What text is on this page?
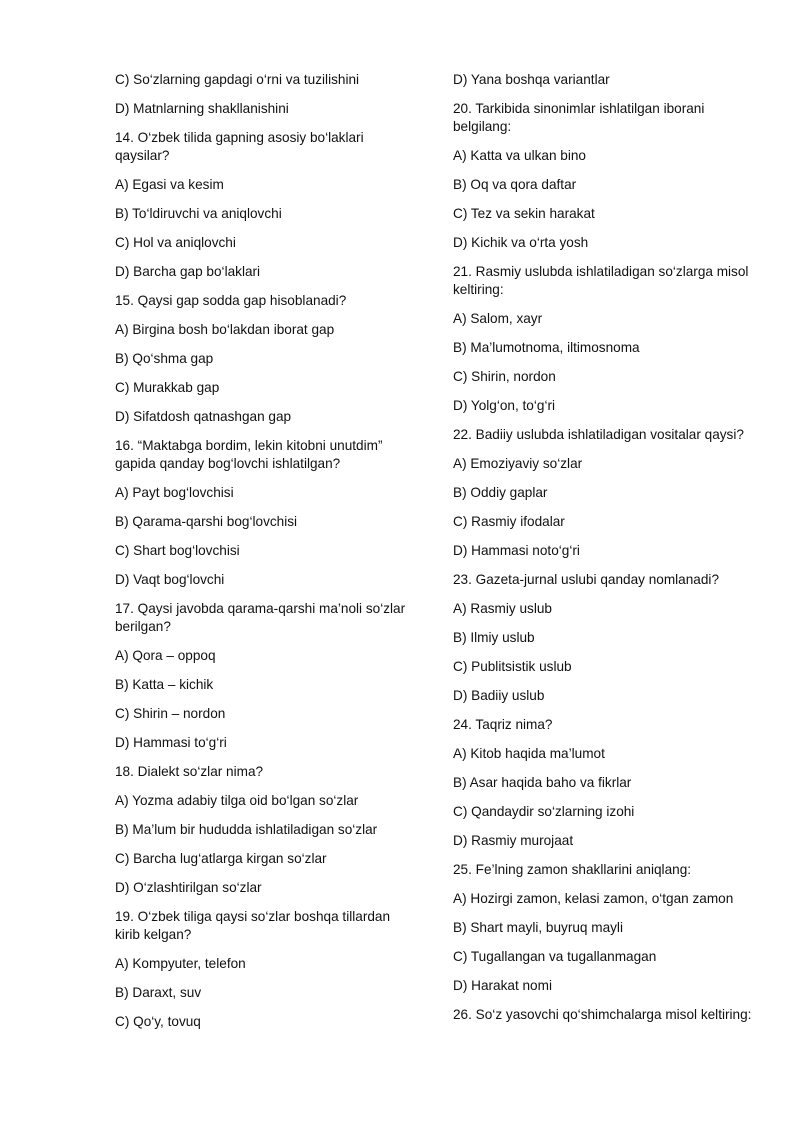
C) So‘zlarning gapdagi o‘rni va tuzilishini
D) Matnlarning shakllanishini
14. O‘zbek tilida gapning asosiy bo‘laklari qaysilar?
A) Egasi va kesim
B) To‘ldiruvchi va aniqlovchi
C) Hol va aniqlovchi
D) Barcha gap bo‘laklari
15. Qaysi gap sodda gap hisoblanadi?
A) Birgina bosh bo‘lakdan iborat gap
B) Qo‘shma gap
C) Murakkab gap
D) Sifatdosh qatnashgan gap
16. “Maktabga bordim, lekin kitobni unutdim” gapida qanday bog‘lovchi ishlatilgan?
A) Payt bog‘lovchisi
B) Qarama-qarshi bog‘lovchisi
C) Shart bog‘lovchisi
D) Vaqt bog‘lovchi
17. Qaysi javobda qarama-qarshi ma’noli so‘zlar berilgan?
A) Qora – oppoq
B) Katta – kichik
C) Shirin – nordon
D) Hammasi to‘g‘ri
18. Dialekt so‘zlar nima?
A) Yozma adabiy tilga oid bo‘lgan so‘zlar
B) Ma’lum bir hududda ishlatiladigan so‘zlar
C) Barcha lug‘atlarga kirgan so‘zlar
D) O‘zlashtirilgan so‘zlar
19. O‘zbek tiliga qaysi so‘zlar boshqa tillardan kirib kelgan?
A) Kompyuter, telefon
B) Daraxt, suv
C) Qo‘y, tovuq
D) Yana boshqa variantlar
20. Tarkibida sinonimlar ishlatilgan iborani belgilang:
A) Katta va ulkan bino
B) Oq va qora daftar
C) Tez va sekin harakat
D) Kichik va o‘rta yosh
21. Rasmiy uslubda ishlatiladigan so‘zlarga misol keltiring:
A) Salom, xayr
B) Ma’lumotnoma, iltimosnoma
C) Shirin, nordon
D) Yolg‘on, to‘g‘ri
22. Badiiy uslubda ishlatiladigan vositalar qaysi?
A) Emoziyaviy so‘zlar
B) Oddiy gaplar
C) Rasmiy ifodalar
D) Hammasi noto‘g‘ri
23. Gazeta-jurnal uslubi qanday nomlanadi?
A) Rasmiy uslub
B) Ilmiy uslub
C) Publitsistik uslub
D) Badiiy uslub
24. Taqriz nima?
A) Kitob haqida ma’lumot
B) Asar haqida baho va fikrlar
C) Qandaydir so‘zlarning izohi
D) Rasmiy murojaat
25. Fe’lning zamon shakllarini aniqlang:
A) Hozirgi zamon, kelasi zamon, o‘tgan zamon
B) Shart mayli, buyruq mayli
C) Tugallangan va tugallanmagan
D) Harakat nomi
26. So‘z yasovchi qo‘shimchalarga misol keltiring:
